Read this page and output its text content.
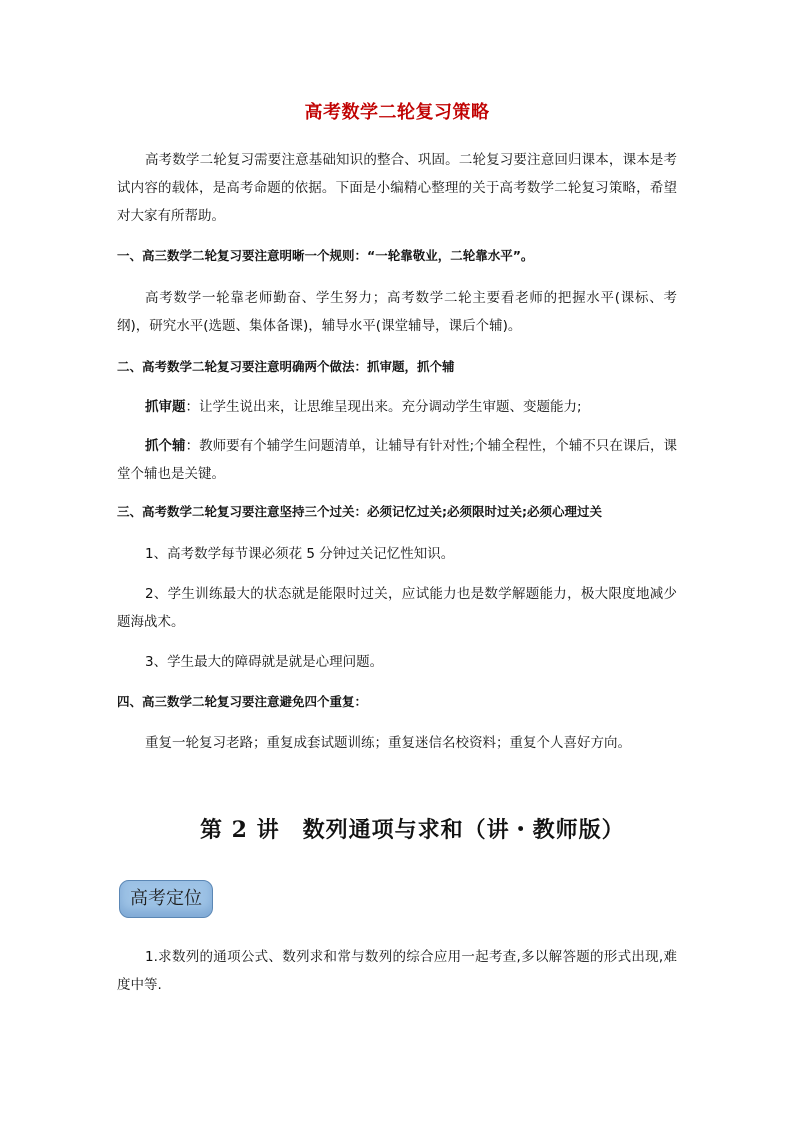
高考数学二轮复习策略
高考数学二轮复习需要注意基础知识的整合、巩固。二轮复习要注意回归课本，课本是考试内容的载体，是高考命题的依据。下面是小编精心整理的关于高考数学二轮复习策略，希望对大家有所帮助。
一、高三数学二轮复习要注意明晰一个规则：“一轮靠敬业，二轮靠水平”。
高考数学一轮靠老师勤奋、学生努力；高考数学二轮主要看老师的把握水平(课标、考纲)，研究水平(选题、集体备课)，辅导水平(课堂辅导，课后个辅)。
二、高考数学二轮复习要注意明确两个做法：抓审题，抓个辅
抓审题：让学生说出来，让思维呈现出来。充分调动学生审题、变题能力;
抓个辅：教师要有个辅学生问题清单，让辅导有针对性;个辅全程性，个辅不只在课后，课堂个辅也是关键。
三、高考数学二轮复习要注意坚持三个过关：必须记忆过关;必须限时过关;必须心理过关
1、高考数学每节课必须花 5 分钟过关记忆性知识。
2、学生训练最大的状态就是能限时过关，应试能力也是数学解题能力，极大限度地减少题海战术。
3、学生最大的障碍就是就是心理问题。
四、高三数学二轮复习要注意避免四个重复：
重复一轮复习老路；重复成套试题训练；重复迷信名校资料；重复个人喜好方向。
第 2 讲　数列通项与求和（讲・教师版）
高考定位
1.求数列的通项公式、数列求和常与数列的综合应用一起考查,多以解答题的形式出现,难度中等.
